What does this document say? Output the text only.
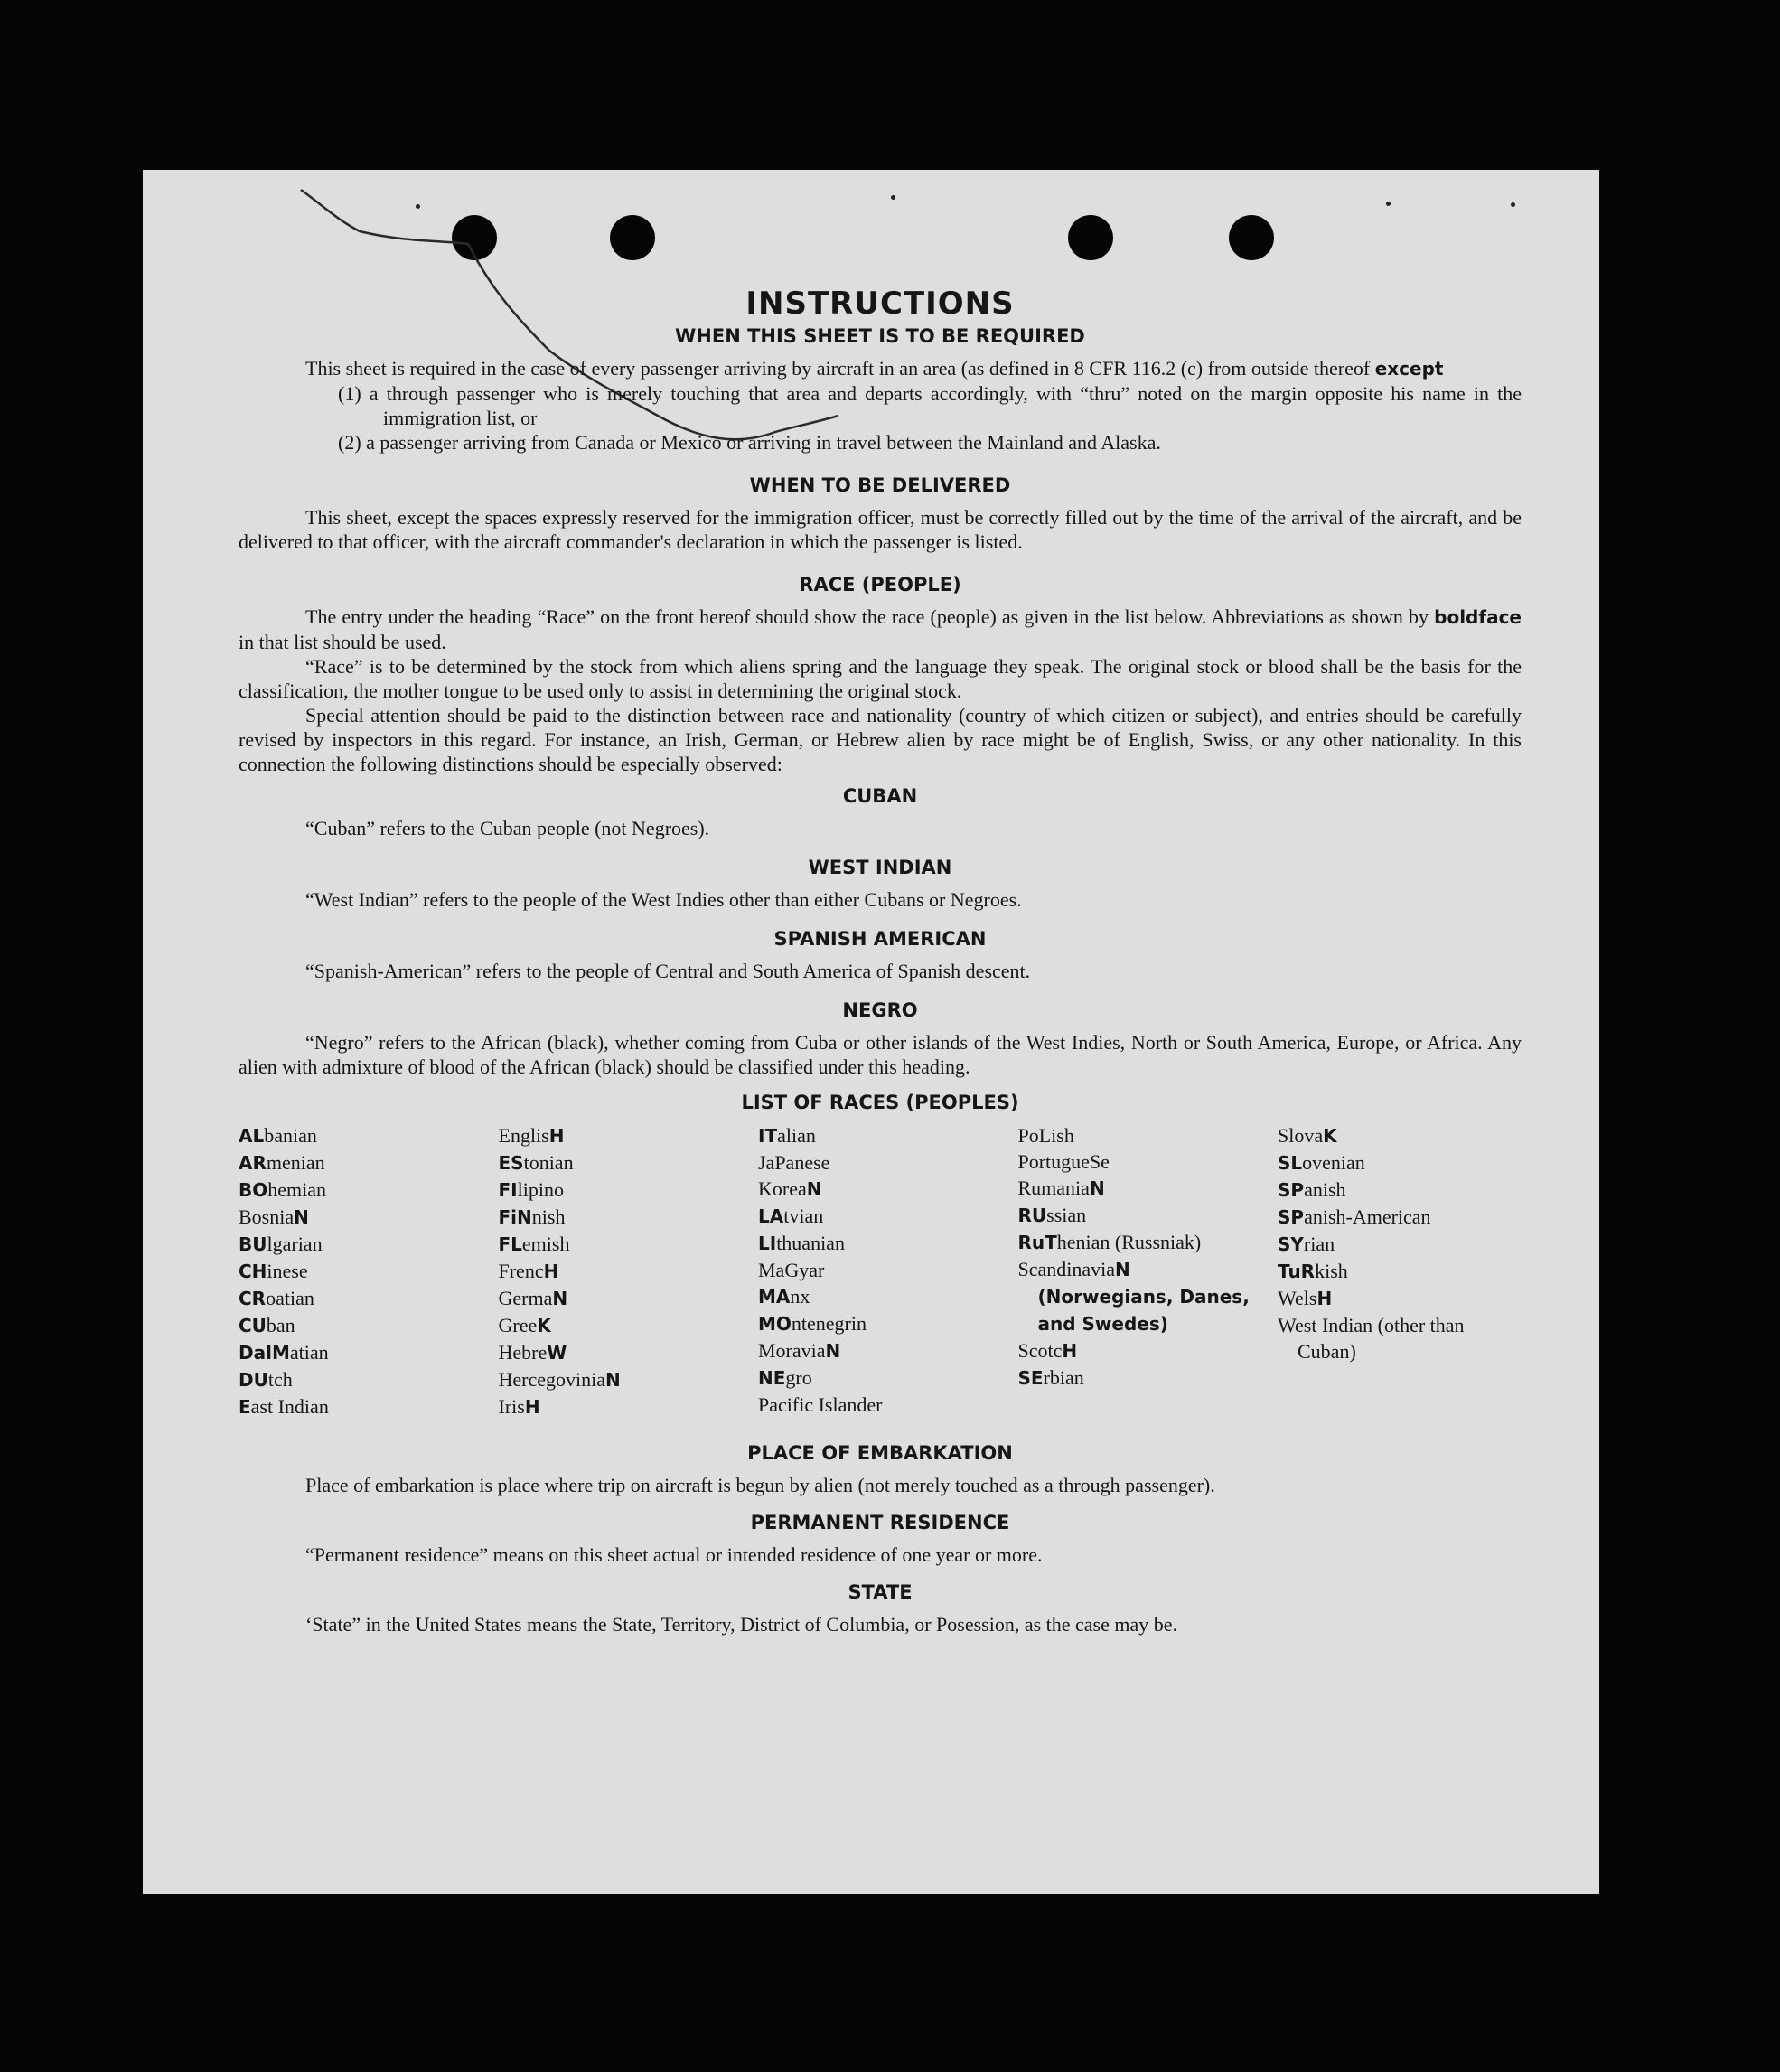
INSTRUCTIONS
WHEN THIS SHEET IS TO BE REQUIRED

This sheet is required in the case of every passenger arriving by aircraft in an area (as defined in 8 CFR 116.2 (c) from outside thereof except

(1) a through passenger who is merely touching that area and departs accordingly, with “thru” noted on the margin opposite his name in the immigration list, or
(2) a passenger arriving from Canada or Mexico or arriving in travel between the Mainland and Alaska.
WHEN TO BE DELIVERED

This sheet, except the spaces expressly reserved for the immigration officer, must be correctly filled out by the time of the arrival of the aircraft, and be delivered to that officer, with the aircraft commander's declaration in which the passenger is listed.

RACE (PEOPLE)

The entry under the heading “Race” on the front hereof should show the race (people) as given in the list below. Abbreviations as shown by boldface in that list should be used.

“Race” is to be determined by the stock from which aliens spring and the language they speak. The original stock or blood shall be the basis for the classification, the mother tongue to be used only to assist in determining the original stock.

Special attention should be paid to the distinction between race and nationality (country of which citizen or subject), and entries should be carefully revised by inspectors in this regard. For instance, an Irish, German, or Hebrew alien by race might be of English, Swiss, or any other nationality. In this connection the following distinctions should be especially observed:

CUBAN

“Cuban” refers to the Cuban people (not Negroes).

WEST INDIAN

“West Indian” refers to the people of the West Indies other than either Cubans or Negroes.

SPANISH AMERICAN

“Spanish-American” refers to the people of Central and South America of Spanish descent.

NEGRO

“Negro” refers to the African (black), whether coming from Cuba or other islands of the West Indies, North or South America, Europe, or Africa. Any alien with admixture of blood of the African (black) should be classified under this heading.

LIST OF RACES (PEOPLES)
ALbanian
ARmenian
BOhemian
BosniaN
BUlgarian
CHinese
CRoatian
CUban
DalMatian
DUtch
East Indian
EnglisH
EStonian
FIlipino
FiNnish
FLemish
FrencH
GermaN
GreeK
HebreW
HercegoviniaN
IrisH
ITalian
JaPanese
KoreaN
LAtvian
LIthuanian
MaGyar
MAnx
MOntenegrin
MoraviaN
NEgro
Pacific Islander
PoLish
PortugueSe
RumaniaN
RUssian
RuThenian (Russniak)
ScandinaviaN (Norwegians, Danes, and Swedes)
ScotcH
SErbian
SlovaK
SLovenian
SPanish
SPanish-American
SYrian
TuRkish
WelsH
West Indian (other than Cuban)
PLACE OF EMBARKATION

Place of embarkation is place where trip on aircraft is begun by alien (not merely touched as a through passenger).

PERMANENT RESIDENCE

“Permanent residence” means on this sheet actual or intended residence of one year or more.

STATE

‘State” in the United States means the State, Territory, District of Columbia, or Posession, as the case may be.
